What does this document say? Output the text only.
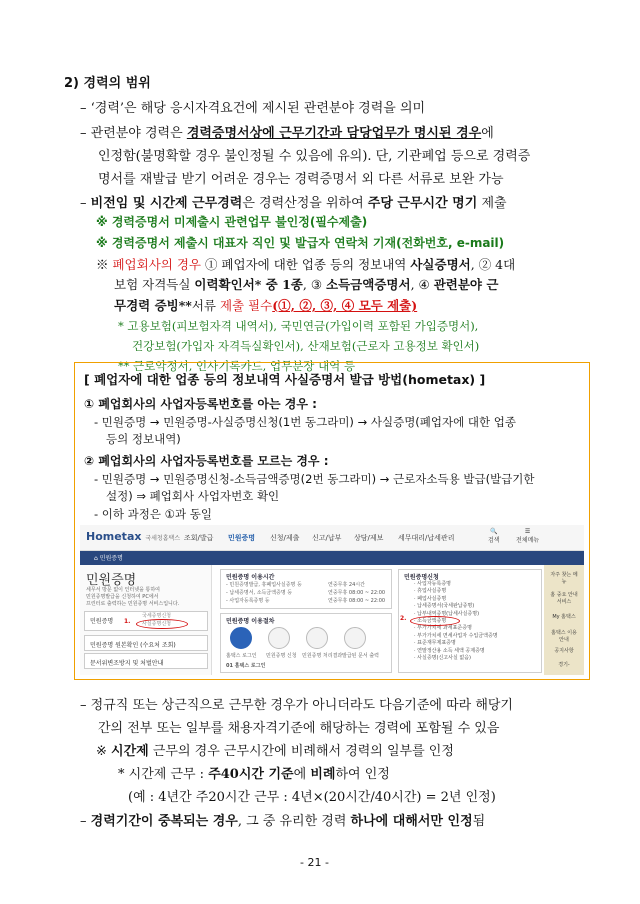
2) 경력의 범위
– ‘경력’은 해당 응시자격요건에 제시된 관련분야 경력을 의미
– 관련분야 경력은 경력증명서상에 근무기간과 담당업무가 명시된 경우에
인정함(불명확할 경우 불인정될 수 있음에 유의). 단, 기관폐업 등으로 경력증
명서를 재발급 받기 어려운 경우는 경력증명서 외 다른 서류로 보완 가능
– 비전임 및 시간제 근무경력은 경력산정을 위하여 주당 근무시간 명기 제출
※ 경력증명서 미제출시 관련업무 불인정(필수제출)
※ 경력증명서 제출시 대표자 직인 및 발급자 연락처 기재(전화번호, e-mail)
※ 폐업회사의 경우 ① 폐업자에 대한 업종 등의 정보내역 사실증명서, ② 4대
보험 자격득실 이력확인서* 중 1종, ③ 소득금액증명서, ④ 관련분야 근
무경력 증빙**서류 제출 필수(①, ②, ③, ④ 모두 제출)
* 고용보험(피보험자격 내역서), 국민연금(가입이력 포함된 가입증명서),
건강보험(가입자 자격득실확인서), 산재보험(근로자 고용정보 확인서)
** 근로약정서, 인사기록카드, 업무분장 내역 등
[ 폐업자에 대한 업종 등의 정보내역 사실증명서 발급 방법(hometax) ]
① 폐업회사의 사업자등록번호를 아는 경우 :
- 민원증명 → 민원증명-사실증명신청(1번 동그라미) → 사실증명(폐업자에 대한 업종
등의 정보내역)
② 폐업회사의 사업자등록번호를 모르는 경우 :
- 민원증명 → 민원증명신청-소득금액증명(2번 동그라미) → 근로자소득용 발급(발급기한
설정) ⇒ 폐업회사 사업자번호 확인
- 이하 과정은 ①과 동일
Hometax 국세청홈택스 조회/발급 민원증명 신청/제출 신고/납부 상담/제보 세무대리/납세관리
🔍
검색
☰
전체메뉴
⌂ 민원증명
민원증명
세무서 방문 없이 인터넷을 통하여
민원증명발급을 신청하여 PC에서
프린터로 출력하는 민원증명 서비스입니다.
민원증명
국세증명신청
사실증명신청
1.
민원증명 원본확인 (수요처 조회)
문서위변조방지 및 처벌안내
민원증명 이용시간
- 민원증명발급, 휴폐업사실증명 등
- 납세증명서, 소득금액증명 등
- 사업자등록증명 등
연중무휴 24시간
연중무휴 08:00 ~ 22:00
연중무휴 08:00 ~ 22:00
민원증명 이용절차
홈택스 로그인 민원증명 신청 민원증명 처리결과 발급된 문서 출력
01 홈택스 로그인
민원증명신청
· 사업자등록증명
· 휴업사실증명
· 폐업사실증명
· 납세증명서(국세완납증명)
· 납부내역증명(납세사실증명)
· 소득금액증명
· 부가가치세 과세표준증명
· 부가가치세 면세사업자 수입금액증명
· 표준재무제표증명
· 연말정산용 소득 세액 공제증명
· 사실증명(신고사실 없음)
2.
자주 찾는 메뉴
홈 중요 안내 서비스
My 홈택스
홈택스 이용안내
공지사항
경기-
– 정규직 또는 상근직으로 근무한 경우가 아니더라도 다음기준에 따라 해당기
간의 전부 또는 일부를 채용자격기준에 해당하는 경력에 포함될 수 있음
※ 시간제 근무의 경우 근무시간에 비례해서 경력의 일부를 인정
* 시간제 근무 : 주40시간 기준에 비례하여 인정
(예 : 4년간 주20시간 근무 : 4년×(20시간/40시간) = 2년 인정)
– 경력기간이 중복되는 경우, 그 중 유리한 경력 하나에 대해서만 인정됨
- 21 -
